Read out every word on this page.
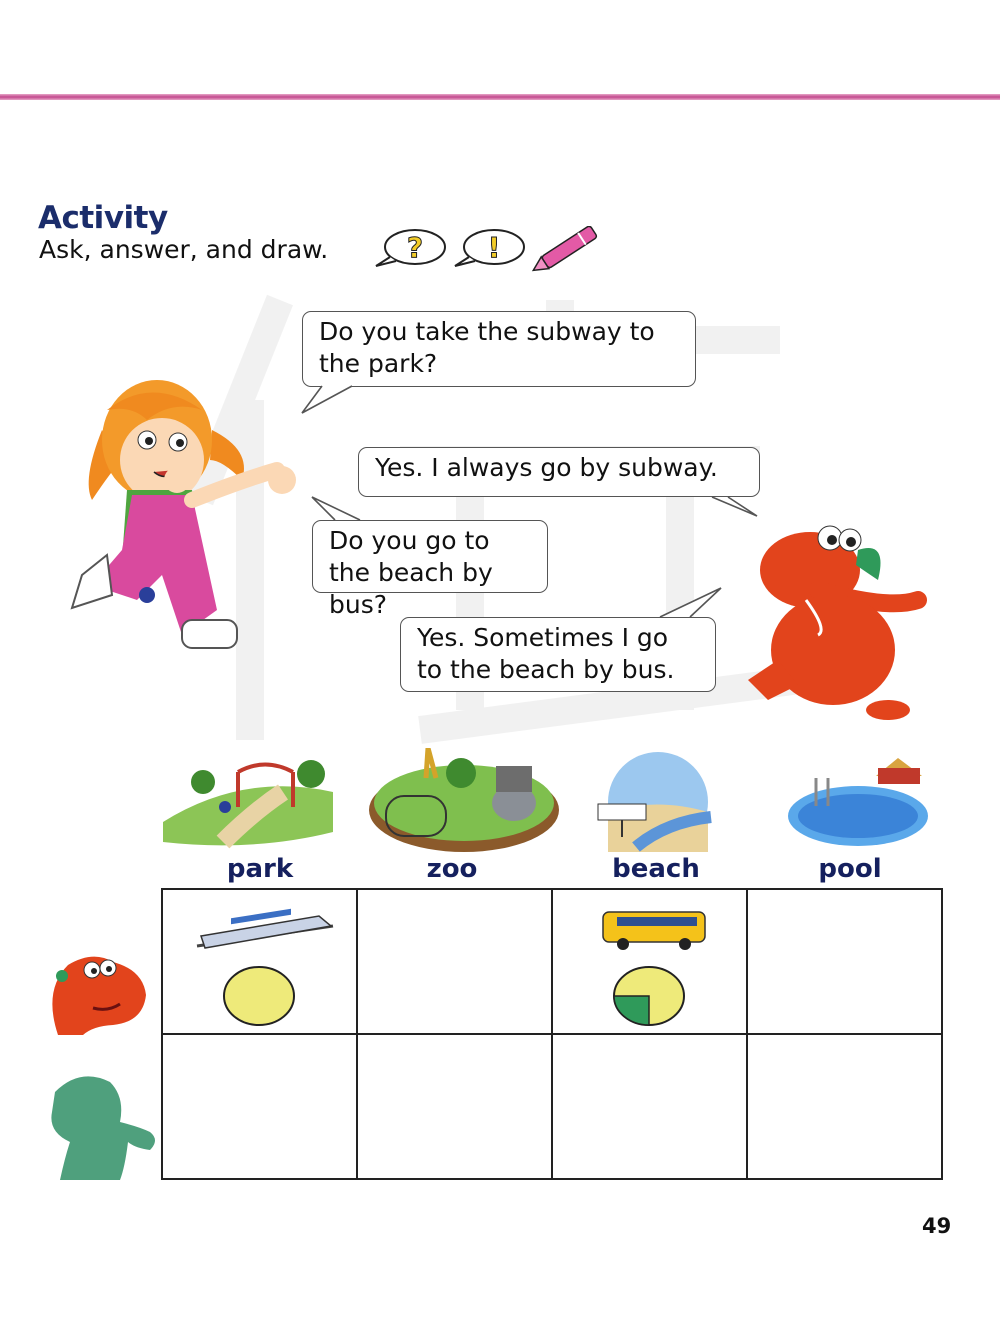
Activity
Ask, answer, and draw.	? !
Do you take the subway to the park?
Yes. I always go by subway.
Do you go to the beach by bus?
Yes. Sometimes I go to the beach by bus.
park	zoo	beach	pool

49
